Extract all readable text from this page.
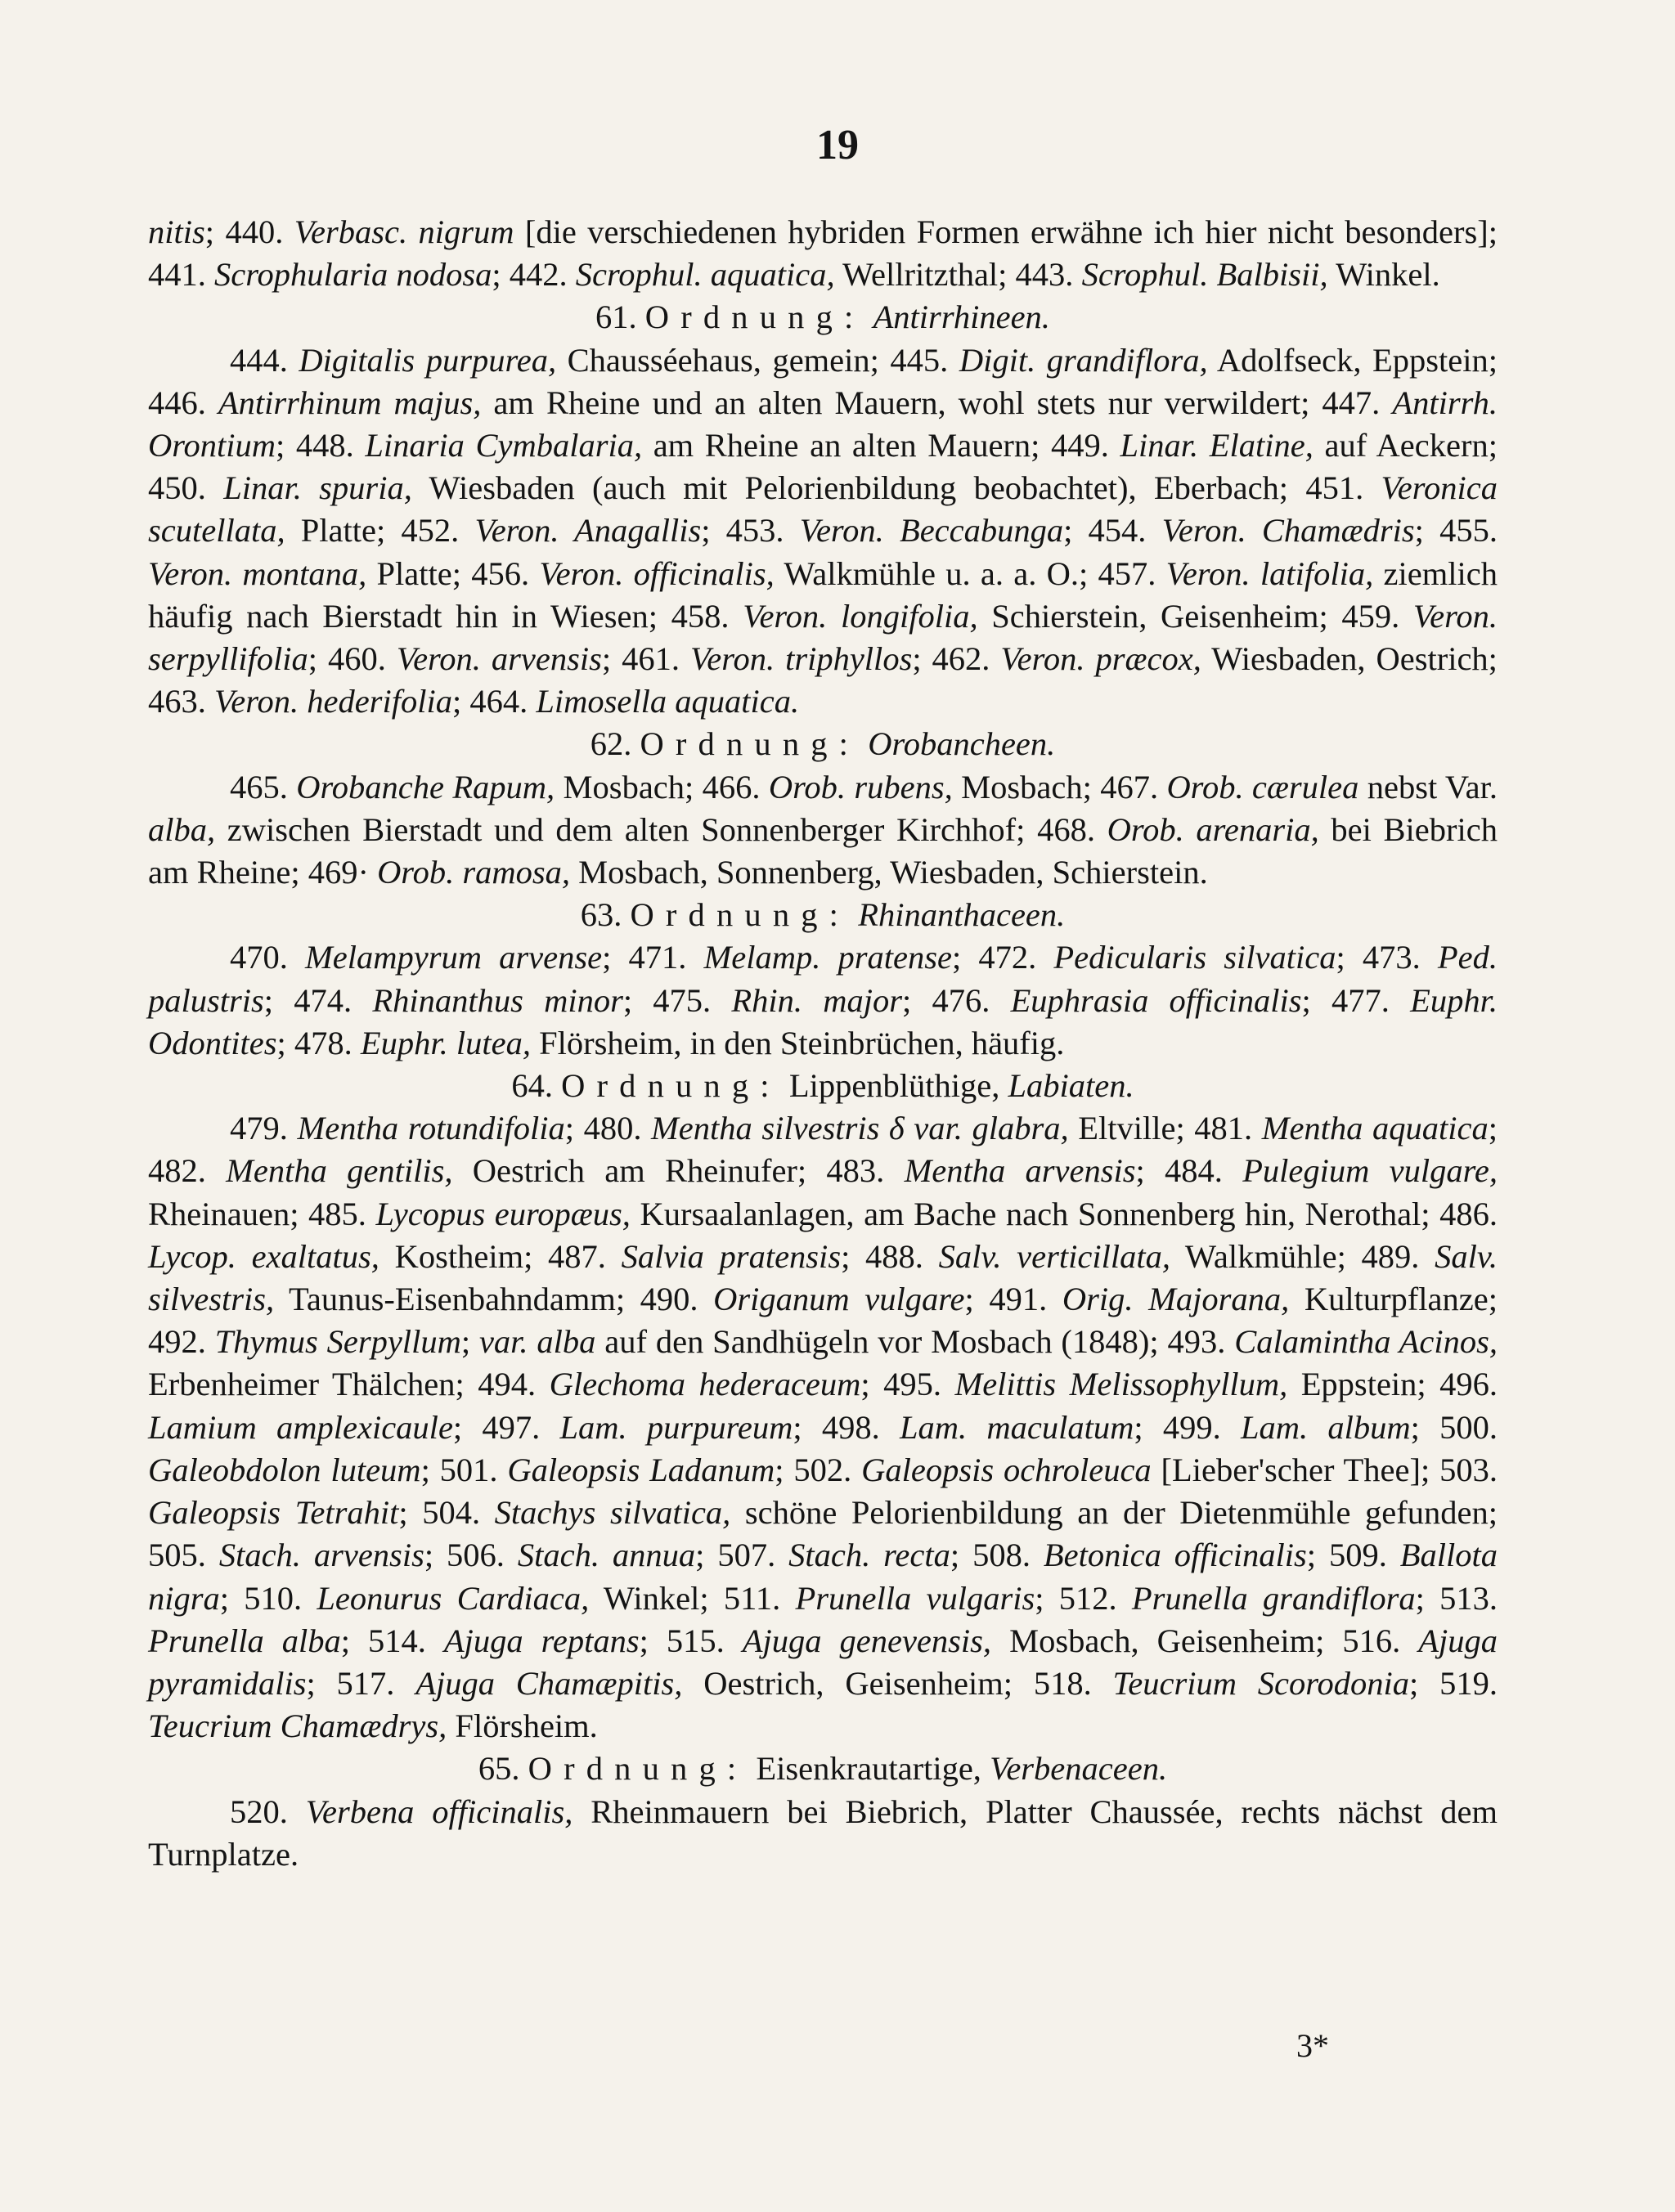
19

nitis; 440. Verbasc. nigrum [die verschiedenen hybriden Formen erwähne ich hier nicht besonders]; 441. Scrophularia nodosa; 442. Scrophul. aquatica, Wellritzthal; 443. Scrophul. Balbisii, Winkel.

61. Ordnung: Antirrhineen.

444. Digitalis purpurea, Chausséehaus, gemein; 445. Digit. grandiflora, Adolfseck, Eppstein; 446. Antirrhinum majus, am Rheine und an alten Mauern, wohl stets nur verwildert; 447. Antirrh. Orontium; 448. Linaria Cymbalaria, am Rheine an alten Mauern; 449. Linar. Elatine, auf Aeckern; 450. Linar. spuria, Wiesbaden (auch mit Pelorienbildung beobachtet), Eberbach; 451. Veronica scutellata, Platte; 452. Veron. Anagallis; 453. Veron. Beccabunga; 454. Veron. Chamædris; 455. Veron. montana, Platte; 456. Veron. officinalis, Walkmühle u. a. a. O.; 457. Veron. latifolia, ziemlich häufig nach Bierstadt hin in Wiesen; 458. Veron. longifolia, Schierstein, Geisenheim; 459. Veron. serpyllifolia; 460. Veron. arvensis; 461. Veron. triphyllos; 462. Veron. præcox, Wiesbaden, Oestrich; 463. Veron. hederifolia; 464. Limosella aquatica.

62. Ordnung: Orobancheen.

465. Orobanche Rapum, Mosbach; 466. Orob. rubens, Mosbach; 467. Orob. cærulea nebst Var. alba, zwischen Bierstadt und dem alten Sonnenberger Kirchhof; 468. Orob. arenaria, bei Biebrich am Rheine; 469· Orob. ramosa, Mosbach, Sonnenberg, Wiesbaden, Schierstein.

63. Ordnung: Rhinanthaceen.

470. Melampyrum arvense; 471. Melamp. pratense; 472. Pedicularis silvatica; 473. Ped. palustris; 474. Rhinanthus minor; 475. Rhin. major; 476. Euphrasia officinalis; 477. Euphr. Odontites; 478. Euphr. lutea, Flörsheim, in den Steinbrüchen, häufig.

64. Ordnung: Lippenblüthige, Labiaten.

479. Mentha rotundifolia; 480. Mentha silvestris δ var. glabra, Eltville; 481. Mentha aquatica; 482. Mentha gentilis, Oestrich am Rheinufer; 483. Mentha arvensis; 484. Pulegium vulgare, Rheinauen; 485. Lycopus europæus, Kursaalanlagen, am Bache nach Sonnenberg hin, Nerothal; 486. Lycop. exaltatus, Kostheim; 487. Salvia pratensis; 488. Salv. verticillata, Walkmühle; 489. Salv. silvestris, Taunus-Eisenbahndamm; 490. Origanum vulgare; 491. Orig. Majorana, Kulturpflanze; 492. Thymus Serpyllum; var. alba auf den Sandhügeln vor Mosbach (1848); 493. Calamintha Acinos, Erbenheimer Thälchen; 494. Glechoma hederaceum; 495. Melittis Melissophyllum, Eppstein; 496. Lamium amplexicaule; 497. Lam. purpureum; 498. Lam. maculatum; 499. Lam. album; 500. Galeobdolon luteum; 501. Galeopsis Ladanum; 502. Galeopsis ochroleuca [Lieber'scher Thee]; 503. Galeopsis Tetrahit; 504. Stachys silvatica, schöne Pelorienbildung an der Dietenmühle gefunden; 505. Stach. arvensis; 506. Stach. annua; 507. Stach. recta; 508. Betonica officinalis; 509. Ballota nigra; 510. Leonurus Cardiaca, Winkel; 511. Prunella vulgaris; 512. Prunella grandiflora; 513. Prunella alba; 514. Ajuga reptans; 515. Ajuga genevensis, Mosbach, Geisenheim; 516. Ajuga pyramidalis; 517. Ajuga Chamæpitis, Oestrich, Geisenheim; 518. Teucrium Scorodonia; 519. Teucrium Chamædrys, Flörsheim.

65. Ordnung: Eisenkrautartige, Verbenaceen.

520. Verbena officinalis, Rheinmauern bei Biebrich, Platter Chaussée, rechts nächst dem Turnplatze.

3*
